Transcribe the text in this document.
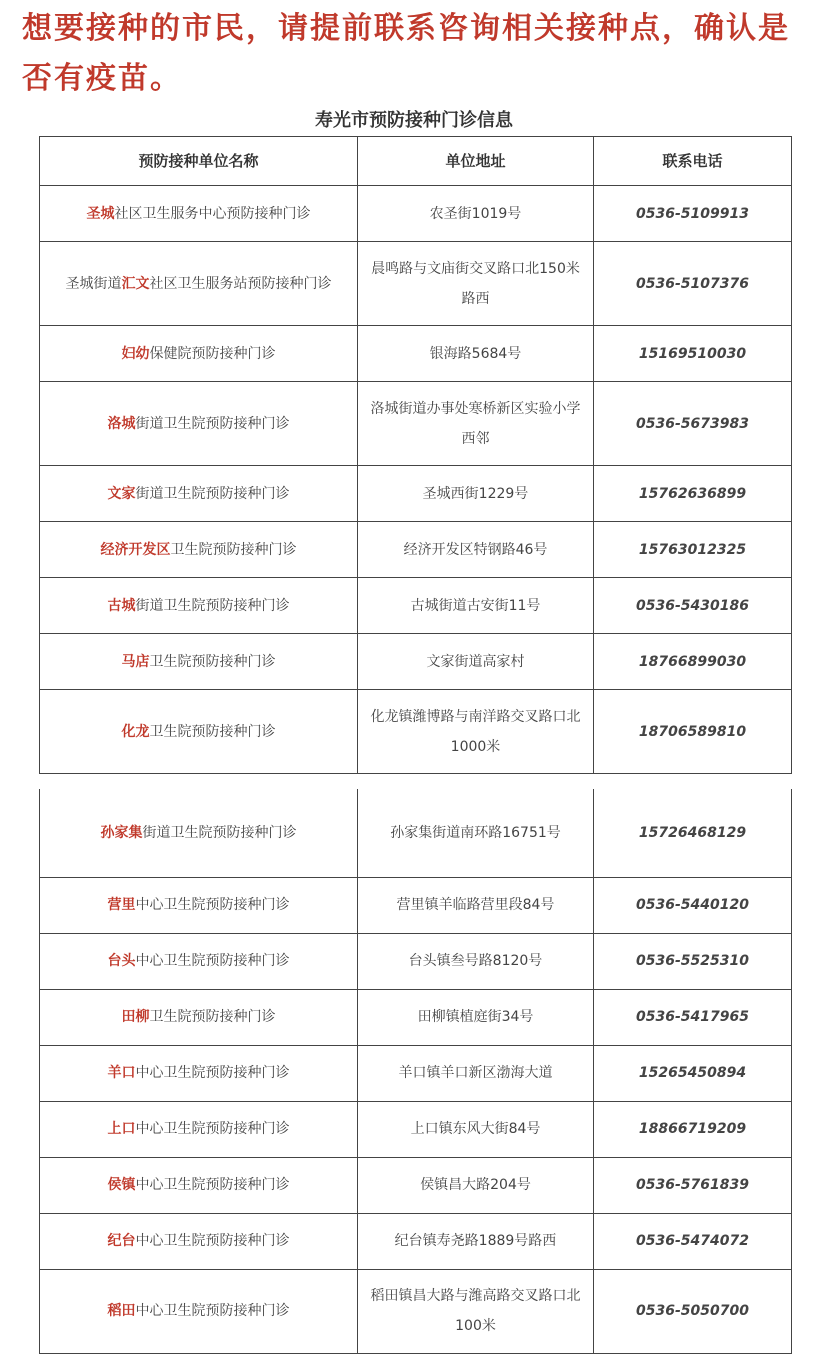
想要接种的市民，请提前联系咨询相关接种点，确认是否有疫苗。

寿光市预防接种门诊信息
预防接种单位名称	单位地址	联系电话
圣城社区卫生服务中心预防接种门诊	农圣街1019号	0536-5109913
圣城街道汇文社区卫生服务站预防接种门诊	晨鸣路与文庙街交叉路口北150米路西	0536-5107376
妇幼保健院预防接种门诊	银海路5684号	15169510030
洛城街道卫生院预防接种门诊	洛城街道办事处寒桥新区实验小学西邻	0536-5673983
文家街道卫生院预防接种门诊	圣城西街1229号	15762636899
经济开发区卫生院预防接种门诊	经济开发区特钢路46号	15763012325
古城街道卫生院预防接种门诊	古城街道古安街11号	0536-5430186
马店卫生院预防接种门诊	文家街道高家村	18766899030
化龙卫生院预防接种门诊	化龙镇潍博路与南洋路交叉路口北1000米	18706589810
孙家集街道卫生院预防接种门诊	孙家集街道南环路16751号	15726468129
营里中心卫生院预防接种门诊	营里镇羊临路营里段84号	0536-5440120
台头中心卫生院预防接种门诊	台头镇叁号路8120号	0536-5525310
田柳卫生院预防接种门诊	田柳镇植庭街34号	0536-5417965
羊口中心卫生院预防接种门诊	羊口镇羊口新区渤海大道	15265450894
上口中心卫生院预防接种门诊	上口镇东风大街84号	18866719209
侯镇中心卫生院预防接种门诊	侯镇昌大路204号	0536-5761839
纪台中心卫生院预防接种门诊	纪台镇寿尧路1889号路西	0536-5474072
稻田中心卫生院预防接种门诊	稻田镇昌大路与潍高路交叉路口北100米	0536-5050700
